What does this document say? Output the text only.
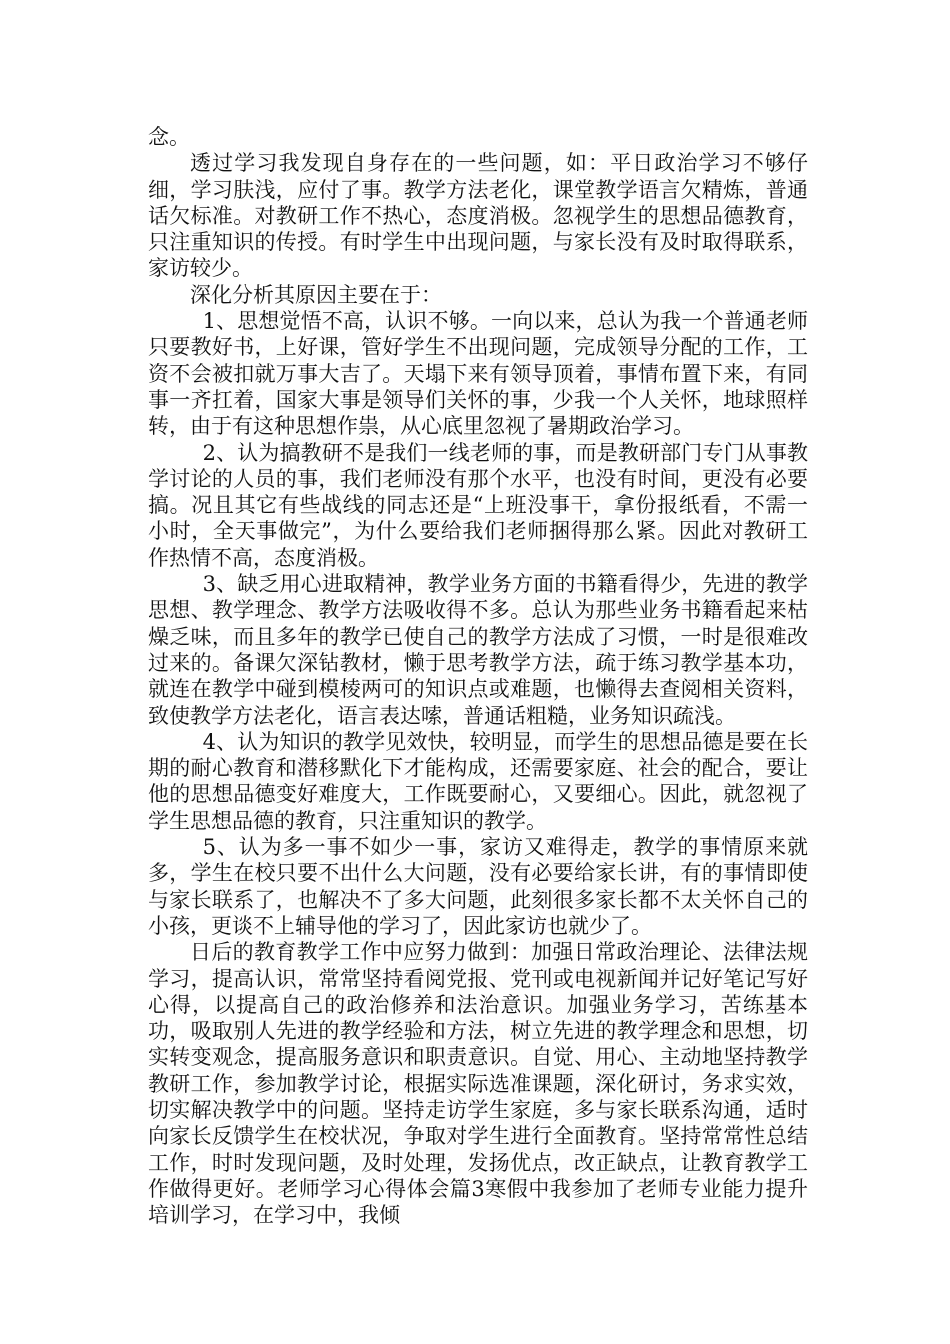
念。

透过学习我发现自身存在的一些问题，如：平日政治学习不够仔细，学习肤浅，应付了事。教学方法老化，课堂教学语言欠精炼，普通话欠标准。对教研工作不热心，态度消极。忽视学生的思想品德教育，只注重知识的传授。有时学生中出现问题，与家长没有及时取得联系，家访较少。

深化分析其原因主要在于：

1、思想觉悟不高，认识不够。一向以来，总认为我一个普通老师只要教好书，上好课，管好学生不出现问题，完成领导分配的工作，工资不会被扣就万事大吉了。天塌下来有领导顶着，事情布置下来，有同事一齐扛着，国家大事是领导们关怀的事，少我一个人关怀，地球照样转，由于有这种思想作祟，从心底里忽视了暑期政治学习。

2、认为搞教研不是我们一线老师的事，而是教研部门专门从事教学讨论的人员的事，我们老师没有那个水平，也没有时间，更没有必要搞。况且其它有些战线的同志还是“上班没事干，拿份报纸看，不需一小时，全天事做完”，为什么要给我们老师捆得那么紧。因此对教研工作热情不高，态度消极。

3、缺乏用心进取精神，教学业务方面的书籍看得少，先进的教学思想、教学理念、教学方法吸收得不多。总认为那些业务书籍看起来枯燥乏味，而且多年的教学已使自己的教学方法成了习惯，一时是很难改过来的。备课欠深钻教材，懒于思考教学方法，疏于练习教学基本功，就连在教学中碰到模棱两可的知识点或难题，也懒得去查阅相关资料，致使教学方法老化，语言表达嗦，普通话粗糙，业务知识疏浅。

4、认为知识的教学见效快，较明显，而学生的思想品德是要在长期的耐心教育和潜移默化下才能构成，还需要家庭、社会的配合，要让他的思想品德变好难度大，工作既要耐心，又要细心。因此，就忽视了学生思想品德的教育，只注重知识的教学。

5、认为多一事不如少一事，家访又难得走，教学的事情原来就多，学生在校只要不出什么大问题，没有必要给家长讲，有的事情即使与家长联系了，也解决不了多大问题，此刻很多家长都不太关怀自己的小孩，更谈不上辅导他的学习了，因此家访也就少了。

日后的教育教学工作中应努力做到：加强日常政治理论、法律法规学习，提高认识，常常坚持看阅党报、党刊或电视新闻并记好笔记写好心得，以提高自己的政治修养和法治意识。加强业务学习，苦练基本功，吸取别人先进的教学经验和方法，树立先进的教学理念和思想，切实转变观念，提高服务意识和职责意识。自觉、用心、主动地坚持教学教研工作，参加教学讨论，根据实际选准课题，深化研讨，务求实效，切实解决教学中的问题。坚持走访学生家庭，多与家长联系沟通，适时向家长反馈学生在校状况，争取对学生进行全面教育。坚持常常性总结工作，时时发现问题，及时处理，发扬优点，改正缺点，让教育教学工作做得更好。老师学习心得体会篇3寒假中我参加了老师专业能力提升培训学习，在学习中，我倾
